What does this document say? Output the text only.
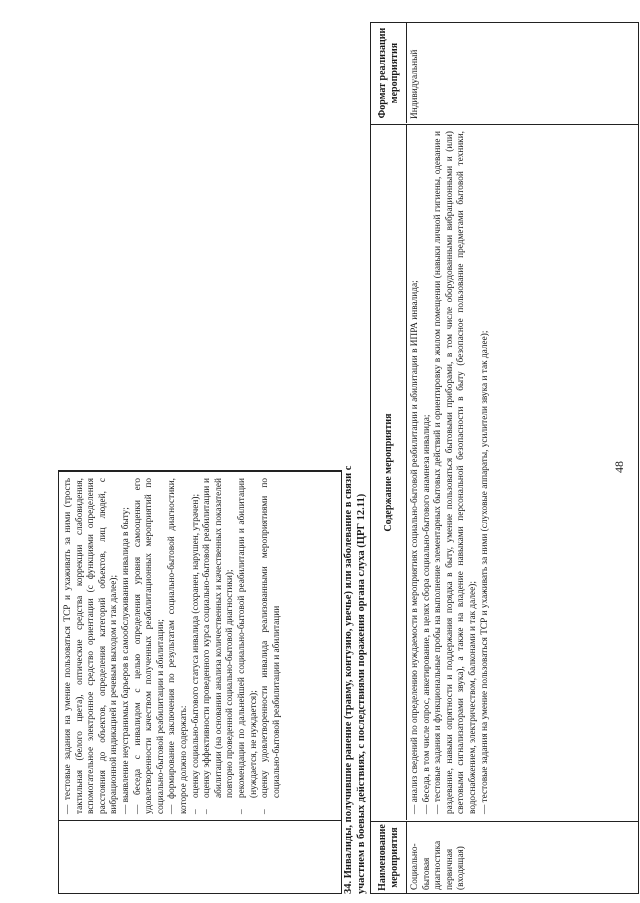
48

— тестовые задания на умение пользоваться ТСР и ухаживать за ними (трость тактильная (белого цвета), оптические средства коррекции слабовидения, вспомогательное электронное средство ориентации (с функциями определения расстояния до объектов, определения категорий объектов, лиц людей, с вибрационной индикацией и речевым выходом и так далее); — выявление неустранимых барьеров в самообслуживании инвалида в быту; — беседа с инвалидом с целью определения уровня самооценки его удовлетворенности качеством полученных реабилитационных мероприятий по социально-бытовой реабилитации и абилитации; — формирование заключения по результатам социально-бытовой диагностики, которое должно содержать: –
оценку социально-бытового статуса инвалида (сохранен, нарушен, утрачен);
–
оценку эффективности проведенного курса социально-бытовой реабилитации и абилитации (на основании анализа количественных и качественных показателей повторно проведенной социально-бытовой диагностики);
–
рекомендации по дальнейшей социально-бытовой реабилитации и абилитации (нуждается, не нуждается);
–
оценку удовлетворенности инвалида реализованными мероприятиями по социально-бытовой реабилитации и абилитации	34. Инвалиды, получившие ранение (травму, контузию, увечье) или заболевание в связи с участием в боевых действиях, с последствиями поражения органа слуха (ЦРГ 12.11) Наименование мероприятия
Содержание мероприятия
Формат реализации мероприятия
Социально-бытовая диагностика первичная (входящая)

— анализ сведений по определению нуждаемости в мероприятиях социально-бытовой реабилитации и абилитации в ИПРА инвалида; — беседа, в том числе опрос, анкетирование, в целях сбора социально-бытового анамнеза инвалида; — тестовые задания и функциональные пробы на выполнение элементарных бытовых действий и ориентировку в жилом помещении (навыки личной гигиены, одевание и раздевание, навыки опрятности и поддержания порядка в быту, умение пользоваться бытовыми приборами, в том числе оборудованными вибрационными и (или) световыми сигнализаторами звука), а также на владение навыками персональной безопасности в быту (безопасное пользование предметами бытовой техники, водоснабжением, электричеством, балконами и так далее); — тестовые задания на умение пользоваться ТСР и ухаживать за ними (слуховые аппараты, усилители звука и так далее);

Индивидуальный
